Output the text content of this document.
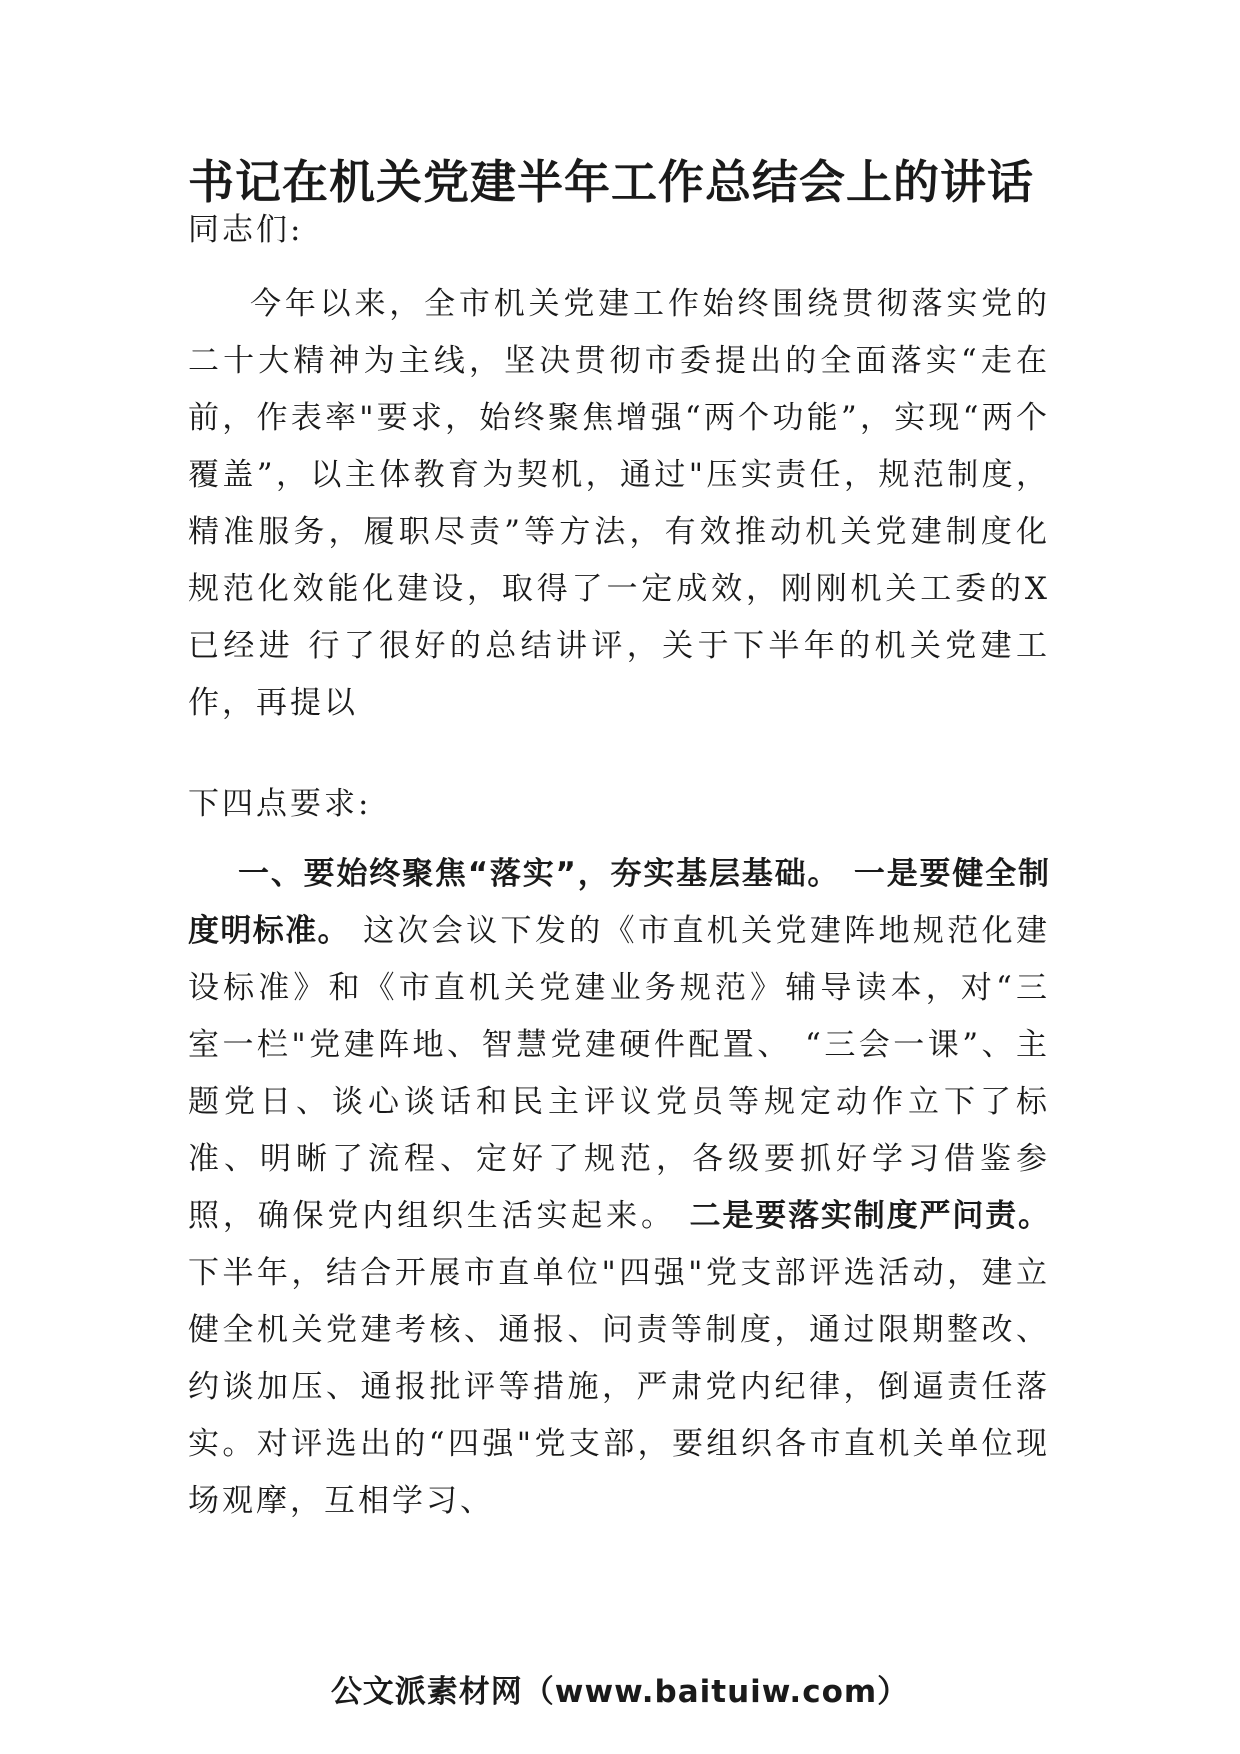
书记在机关党建半年工作总结会上的讲话

同志们:

今年以来，全市机关党建工作始终围绕贯彻落实党的二十大精神为主线，坚决贯彻市委提出的全面落实“走在前，作表率"要求，始终聚焦增强“两个功能”，实现“两个覆盖”，以主体教育为契机，通过"压实责任，规范制度，精准服务，履职尽责”等方法，有效推动机关党建制度化规范化效能化建设，取得了一定成效，刚刚机关工委的X 已经进 行了很好的总结讲评，关于下半年的机关党建工作，再提以

下四点要求:

一、要始终聚焦“落实”，夯实基层基础。 一是要健全制度明标准。 这次会议下发的《市直机关党建阵地规范化建设标准》和《市直机关党建业务规范》辅导读本，对“三室一栏"党建阵地、智慧党建硬件配置、 “三会一课”、主题党日、谈心谈话和民主评议党员等规定动作立下了标准、明晰了流程、定好了规范，各级要抓好学习借鉴参照，确保党内组织生活实起来。 二是要落实制度严问责。 下半年，结合开展市直单位"四强"党支部评选活动，建立健全机关党建考核、通报、问责等制度，通过限期整改、约谈加压、通报批评等措施，严肃党内纪律，倒逼责任落实。对评选出的“四强"党支部，要组织各市直机关单位现场观摩，互相学习、

公文派素材网（www.baituiw.com）
